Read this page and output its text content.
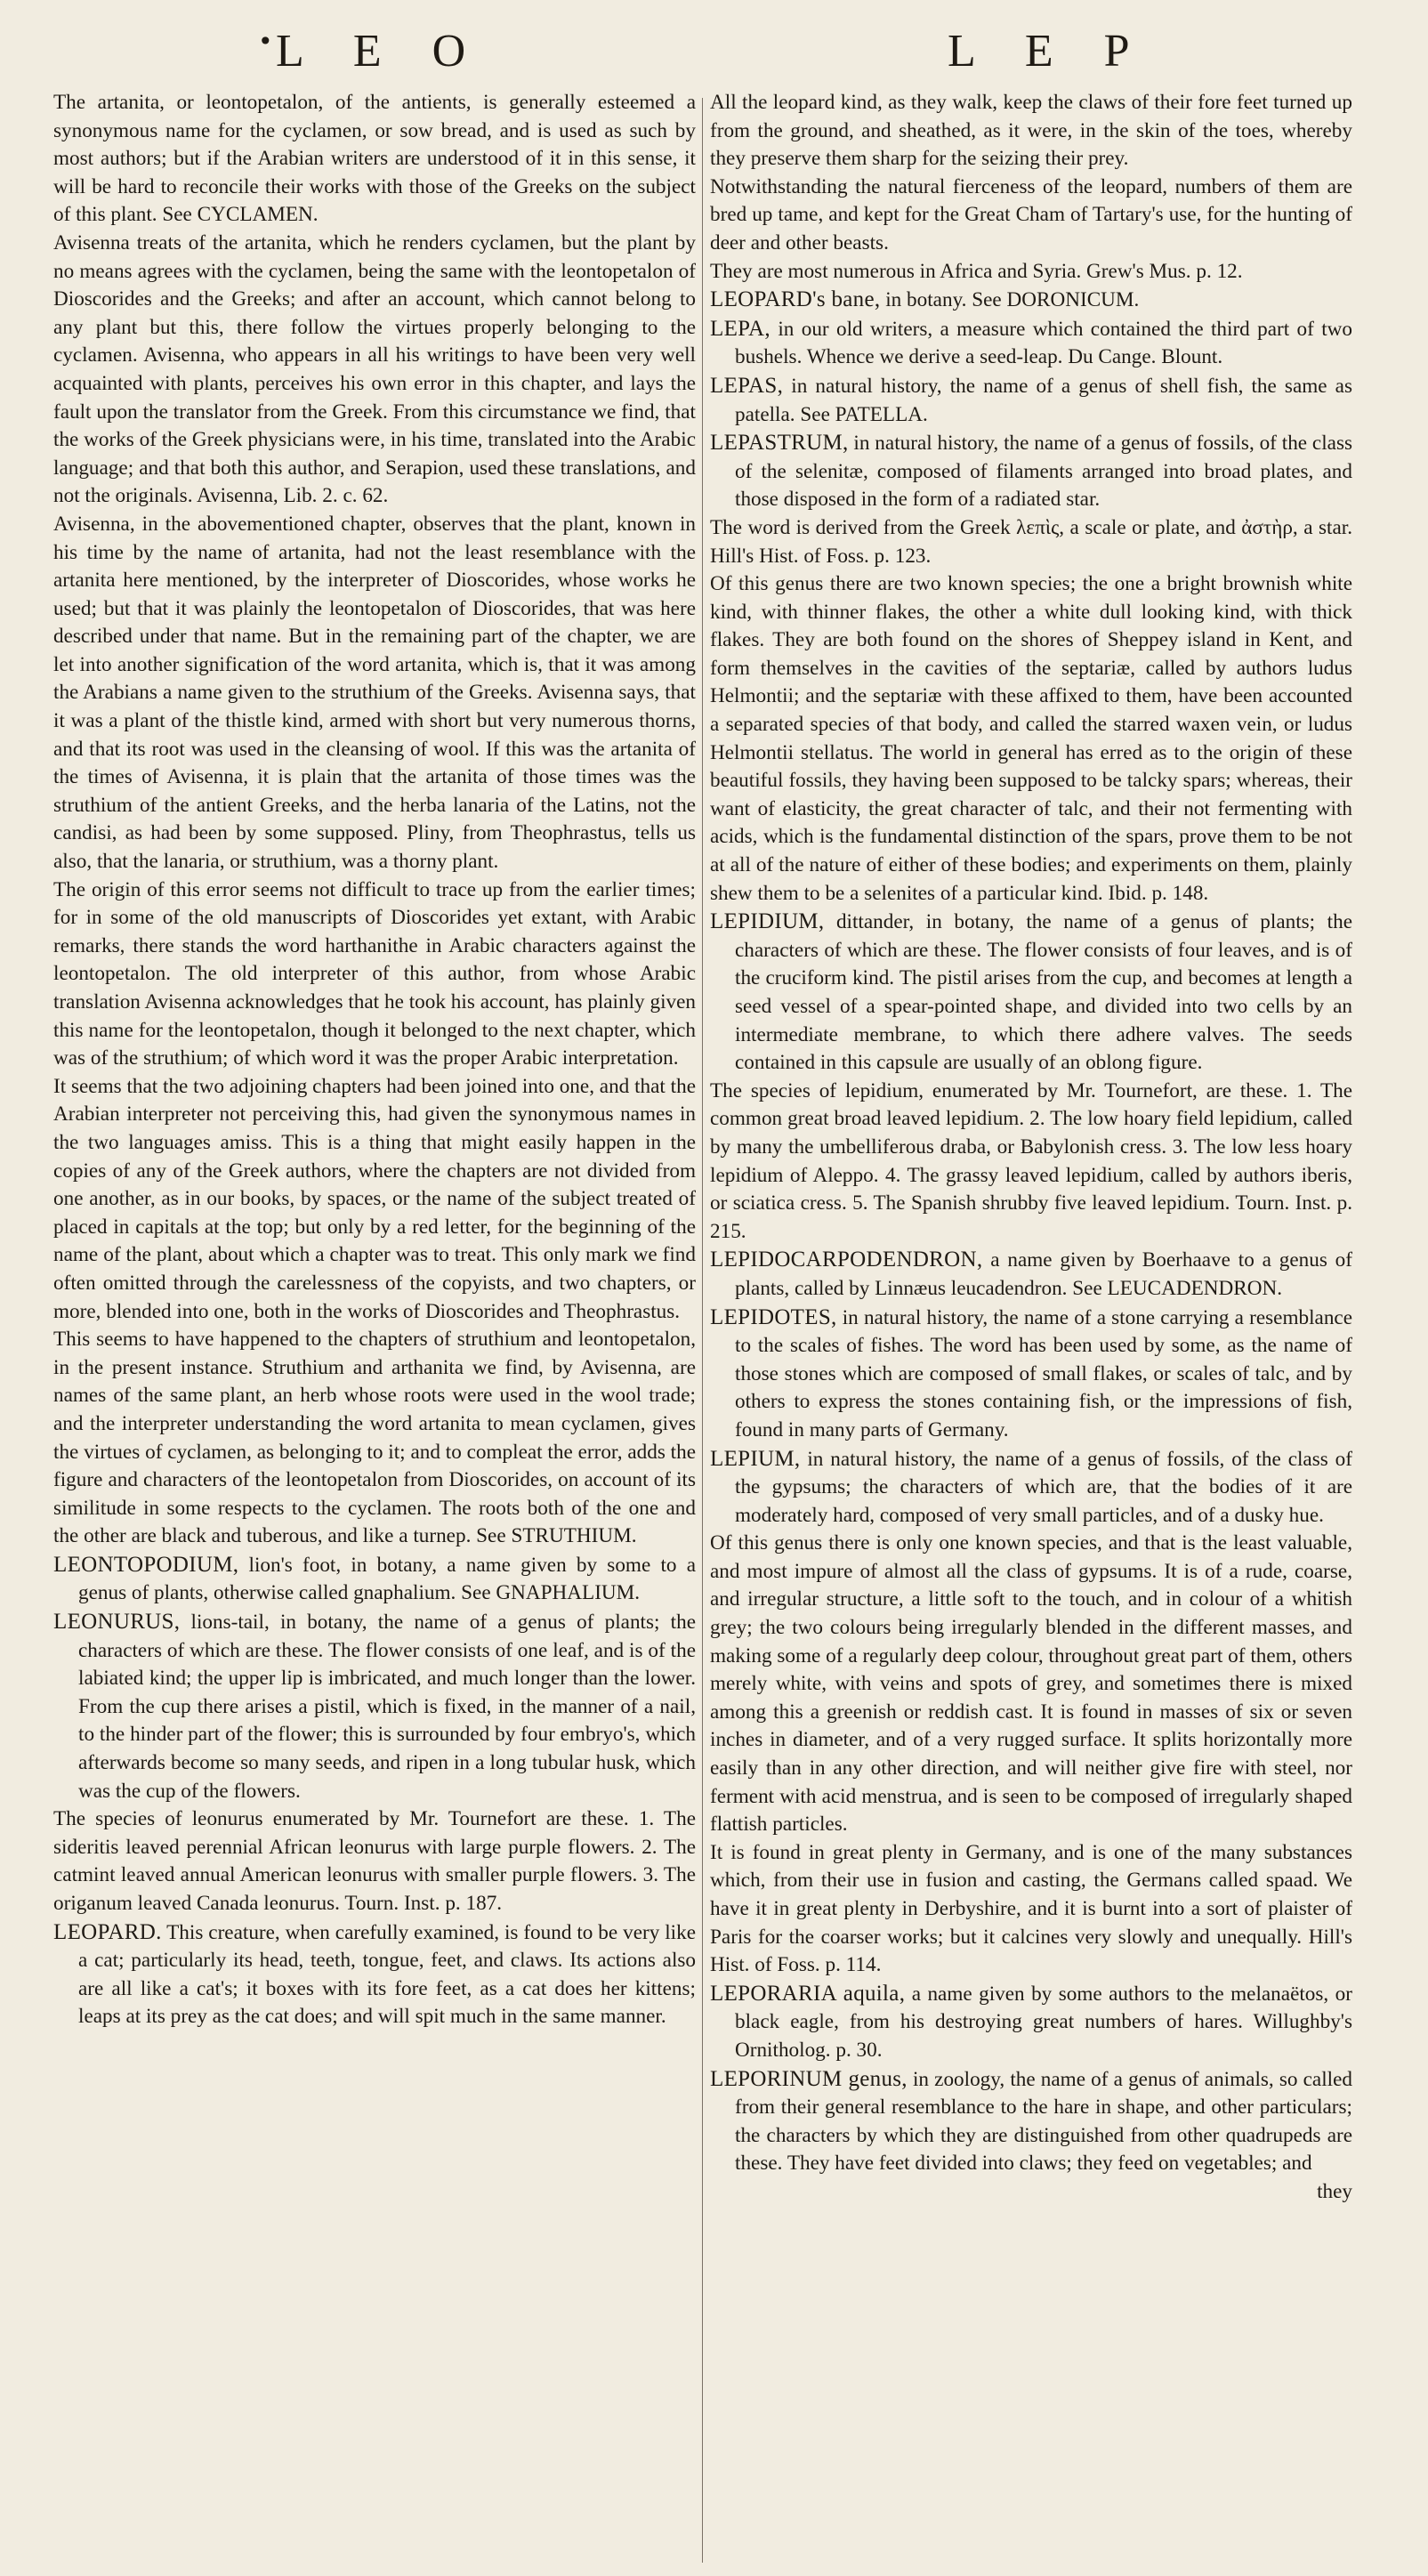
• L E O	L E P

The artanita, or leontopetalon, of the antients, is generally esteemed a synonymous name for the cyclamen, or sow bread, and is used as such by most authors; but if the Arabian writers are understood of it in this sense, it will be hard to reconcile their works with those of the Greeks on the subject of this plant. See CYCLAMEN.

Avisenna treats of the artanita, which he renders cyclamen, but the plant by no means agrees with the cyclamen, being the same with the leontopetalon of Dioscorides and the Greeks; and after an account, which cannot belong to any plant but this, there follow the virtues properly belonging to the cyclamen. Avisenna, who appears in all his writings to have been very well acquainted with plants, perceives his own error in this chapter, and lays the fault upon the translator from the Greek. From this circumstance we find, that the works of the Greek physicians were, in his time, translated into the Arabic language; and that both this author, and Serapion, used these translations, and not the originals. Avisenna, Lib. 2. c. 62.

Avisenna, in the abovementioned chapter, observes that the plant, known in his time by the name of artanita, had not the least resemblance with the artanita here mentioned, by the interpreter of Dioscorides, whose works he used; but that it was plainly the leontopetalon of Dioscorides, that was here described under that name. But in the remaining part of the chapter, we are let into another signification of the word artanita, which is, that it was among the Arabians a name given to the struthium of the Greeks. Avisenna says, that it was a plant of the thistle kind, armed with short but very numerous thorns, and that its root was used in the cleansing of wool. If this was the artanita of the times of Avisenna, it is plain that the artanita of those times was the struthium of the antient Greeks, and the herba lanaria of the Latins, not the candisi, as had been by some supposed. Pliny, from Theophrastus, tells us also, that the lanaria, or struthium, was a thorny plant.

The origin of this error seems not difficult to trace up from the earlier times; for in some of the old manuscripts of Dioscorides yet extant, with Arabic remarks, there stands the word harthanithe in Arabic characters against the leontopetalon. The old interpreter of this author, from whose Arabic translation Avisenna acknowledges that he took his account, has plainly given this name for the leontopetalon, though it belonged to the next chapter, which was of the struthium; of which word it was the proper Arabic interpretation.

It seems that the two adjoining chapters had been joined into one, and that the Arabian interpreter not perceiving this, had given the synonymous names in the two languages amiss. This is a thing that might easily happen in the copies of any of the Greek authors, where the chapters are not divided from one another, as in our books, by spaces, or the name of the subject treated of placed in capitals at the top; but only by a red letter, for the beginning of the name of the plant, about which a chapter was to treat. This only mark we find often omitted through the carelessness of the copyists, and two chapters, or more, blended into one, both in the works of Dioscorides and Theophrastus.

This seems to have happened to the chapters of struthium and leontopetalon, in the present instance. Struthium and arthanita we find, by Avisenna, are names of the same plant, an herb whose roots were used in the wool trade; and the interpreter understanding the word artanita to mean cyclamen, gives the virtues of cyclamen, as belonging to it; and to compleat the error, adds the figure and characters of the leontopetalon from Dioscorides, on account of its similitude in some respects to the cyclamen. The roots both of the one and the other are black and tuberous, and like a turnep. See STRUTHIUM.

LEONTOPODIUM, lion's foot, in botany, a name given by some to a genus of plants, otherwise called gnaphalium. See GNAPHALIUM.

LEONURUS, lions-tail, in botany, the name of a genus of plants; the characters of which are these. The flower consists of one leaf, and is of the labiated kind; the upper lip is imbricated, and much longer than the lower. From the cup there arises a pistil, which is fixed, in the manner of a nail, to the hinder part of the flower; this is surrounded by four embryo's, which afterwards become so many seeds, and ripen in a long tubular husk, which was the cup of the flowers.

The species of leonurus enumerated by Mr. Tournefort are these. 1. The sideritis leaved perennial African leonurus with large purple flowers. 2. The catmint leaved annual American leonurus with smaller purple flowers. 3. The origanum leaved Canada leonurus. Tourn. Inst. p. 187.

LEOPARD. This creature, when carefully examined, is found to be very like a cat; particularly its head, teeth, tongue, feet, and claws. Its actions also are all like a cat's; it boxes with its fore feet, as a cat does her kittens; leaps at its prey as the cat does; and will spit much in the same manner.

All the leopard kind, as they walk, keep the claws of their fore feet turned up from the ground, and sheathed, as it were, in the skin of the toes, whereby they preserve them sharp for the seizing their prey.

Notwithstanding the natural fierceness of the leopard, numbers of them are bred up tame, and kept for the Great Cham of Tartary's use, for the hunting of deer and other beasts.

They are most numerous in Africa and Syria. Grew's Mus. p. 12.

LEOPARD's bane, in botany. See DORONICUM.

LEPA, in our old writers, a measure which contained the third part of two bushels. Whence we derive a seed-leap. Du Cange. Blount.

LEPAS, in natural history, the name of a genus of shell fish, the same as patella. See PATELLA.

LEPASTRUM, in natural history, the name of a genus of fossils, of the class of the selenitæ, composed of filaments arranged into broad plates, and those disposed in the form of a radiated star.

The word is derived from the Greek λεπὶς, a scale or plate, and ἀστὴρ, a star. Hill's Hist. of Foss. p. 123.

Of this genus there are two known species; the one a bright brownish white kind, with thinner flakes, the other a white dull looking kind, with thick flakes. They are both found on the shores of Sheppey island in Kent, and form themselves in the cavities of the septariæ, called by authors ludus Helmontii; and the septariæ with these affixed to them, have been accounted a separated species of that body, and called the starred waxen vein, or ludus Helmontii stellatus. The world in general has erred as to the origin of these beautiful fossils, they having been supposed to be talcky spars; whereas, their want of elasticity, the great character of talc, and their not fermenting with acids, which is the fundamental distinction of the spars, prove them to be not at all of the nature of either of these bodies; and experiments on them, plainly shew them to be a selenites of a particular kind. Ibid. p. 148.

LEPIDIUM, dittander, in botany, the name of a genus of plants; the characters of which are these. The flower consists of four leaves, and is of the cruciform kind. The pistil arises from the cup, and becomes at length a seed vessel of a spear-pointed shape, and divided into two cells by an intermediate membrane, to which there adhere valves. The seeds contained in this capsule are usually of an oblong figure.

The species of lepidium, enumerated by Mr. Tournefort, are these. 1. The common great broad leaved lepidium. 2. The low hoary field lepidium, called by many the umbelliferous draba, or Babylonish cress. 3. The low less hoary lepidium of Aleppo. 4. The grassy leaved lepidium, called by authors iberis, or sciatica cress. 5. The Spanish shrubby five leaved lepidium. Tourn. Inst. p. 215.

LEPIDOCARPODENDRON, a name given by Boerhaave to a genus of plants, called by Linnæus leucadendron. See LEUCADENDRON.

LEPIDOTES, in natural history, the name of a stone carrying a resemblance to the scales of fishes. The word has been used by some, as the name of those stones which are composed of small flakes, or scales of talc, and by others to express the stones containing fish, or the impressions of fish, found in many parts of Germany.

LEPIUM, in natural history, the name of a genus of fossils, of the class of the gypsums; the characters of which are, that the bodies of it are moderately hard, composed of very small particles, and of a dusky hue.

Of this genus there is only one known species, and that is the least valuable, and most impure of almost all the class of gypsums. It is of a rude, coarse, and irregular structure, a little soft to the touch, and in colour of a whitish grey; the two colours being irregularly blended in the different masses, and making some of a regularly deep colour, throughout great part of them, others merely white, with veins and spots of grey, and sometimes there is mixed among this a greenish or reddish cast. It is found in masses of six or seven inches in diameter, and of a very rugged surface. It splits horizontally more easily than in any other direction, and will neither give fire with steel, nor ferment with acid menstrua, and is seen to be composed of irregularly shaped flattish particles.

It is found in great plenty in Germany, and is one of the many substances which, from their use in fusion and casting, the Germans called spaad. We have it in great plenty in Derbyshire, and it is burnt into a sort of plaister of Paris for the coarser works; but it calcines very slowly and unequally. Hill's Hist. of Foss. p. 114.

LEPORARIA aquila, a name given by some authors to the melanaëtos, or black eagle, from his destroying great numbers of hares. Willughby's Ornitholog. p. 30.

LEPORINUM genus, in zoology, the name of a genus of animals, so called from their general resemblance to the hare in shape, and other particulars; the characters by which they are distinguished from other quadrupeds are these. They have feet divided into claws; they feed on vegetables; and

they
